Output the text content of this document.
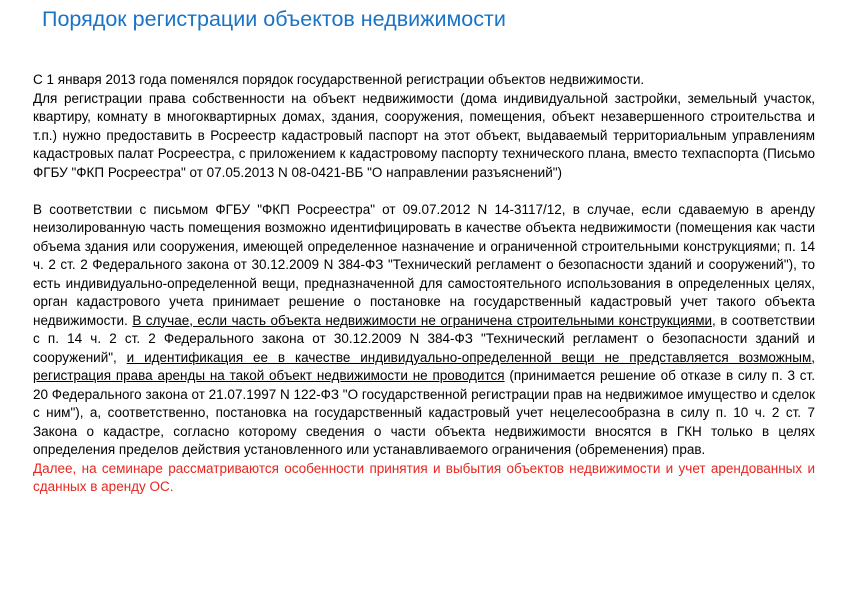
Порядок регистрации объектов недвижимости

С 1 января 2013 года поменялся порядок государственной регистрации объектов недвижимости.

Для регистрации права собственности на объект недвижимости (дома индивидуальной застройки, земельный участок, квартиру, комнату в многоквартирных домах, здания, сооружения, помещения, объект незавершенного строительства и т.п.) нужно предоставить в Росреестр кадастровый паспорт на этот объект, выдаваемый территориальным управлениям кадастровых палат Росреестра, с приложением к кадастровому паспорту технического плана, вместо техпаспорта (Письмо ФГБУ "ФКП Росреестра" от 07.05.2013 N 08-0421-ВБ "О направлении разъяснений")

В соответствии с письмом ФГБУ "ФКП Росреестра" от 09.07.2012 N 14-3117/12, в случае, если сдаваемую в аренду неизолированную часть помещения возможно идентифицировать в качестве объекта недвижимости (помещения как части объема здания или сооружения, имеющей определенное назначение и ограниченной строительными конструкциями; п. 14 ч. 2 ст. 2 Федерального закона от 30.12.2009 N 384-ФЗ "Технический регламент о безопасности зданий и сооружений"), то есть индивидуально-определенной вещи, предназначенной для самостоятельного использования в определенных целях, орган кадастрового учета принимает решение о постановке на государственный кадастровый учет такого объекта недвижимости. В случае, если часть объекта недвижимости не ограничена строительными конструкциями, в соответствии с п. 14 ч. 2 ст. 2 Федерального закона от 30.12.2009 N 384-ФЗ "Технический регламент о безопасности зданий и сооружений", и идентификация ее в качестве индивидуально-определенной вещи не представляется возможным, регистрация права аренды на такой объект недвижимости не проводится (принимается решение об отказе в силу п. 3 ст. 20 Федерального закона от 21.07.1997 N 122-ФЗ "О государственной регистрации прав на недвижимое имущество и сделок с ним"), а, соответственно, постановка на государственный кадастровый учет нецелесообразна в силу п. 10 ч. 2 ст. 7 Закона о кадастре, согласно которому сведения о части объекта недвижимости вносятся в ГКН только в целях определения пределов действия установленного или устанавливаемого ограничения (обременения) прав.

Далее, на семинаре рассматриваются особенности принятия и выбытия объектов недвижимости и учет арендованных и сданных в аренду ОС.
